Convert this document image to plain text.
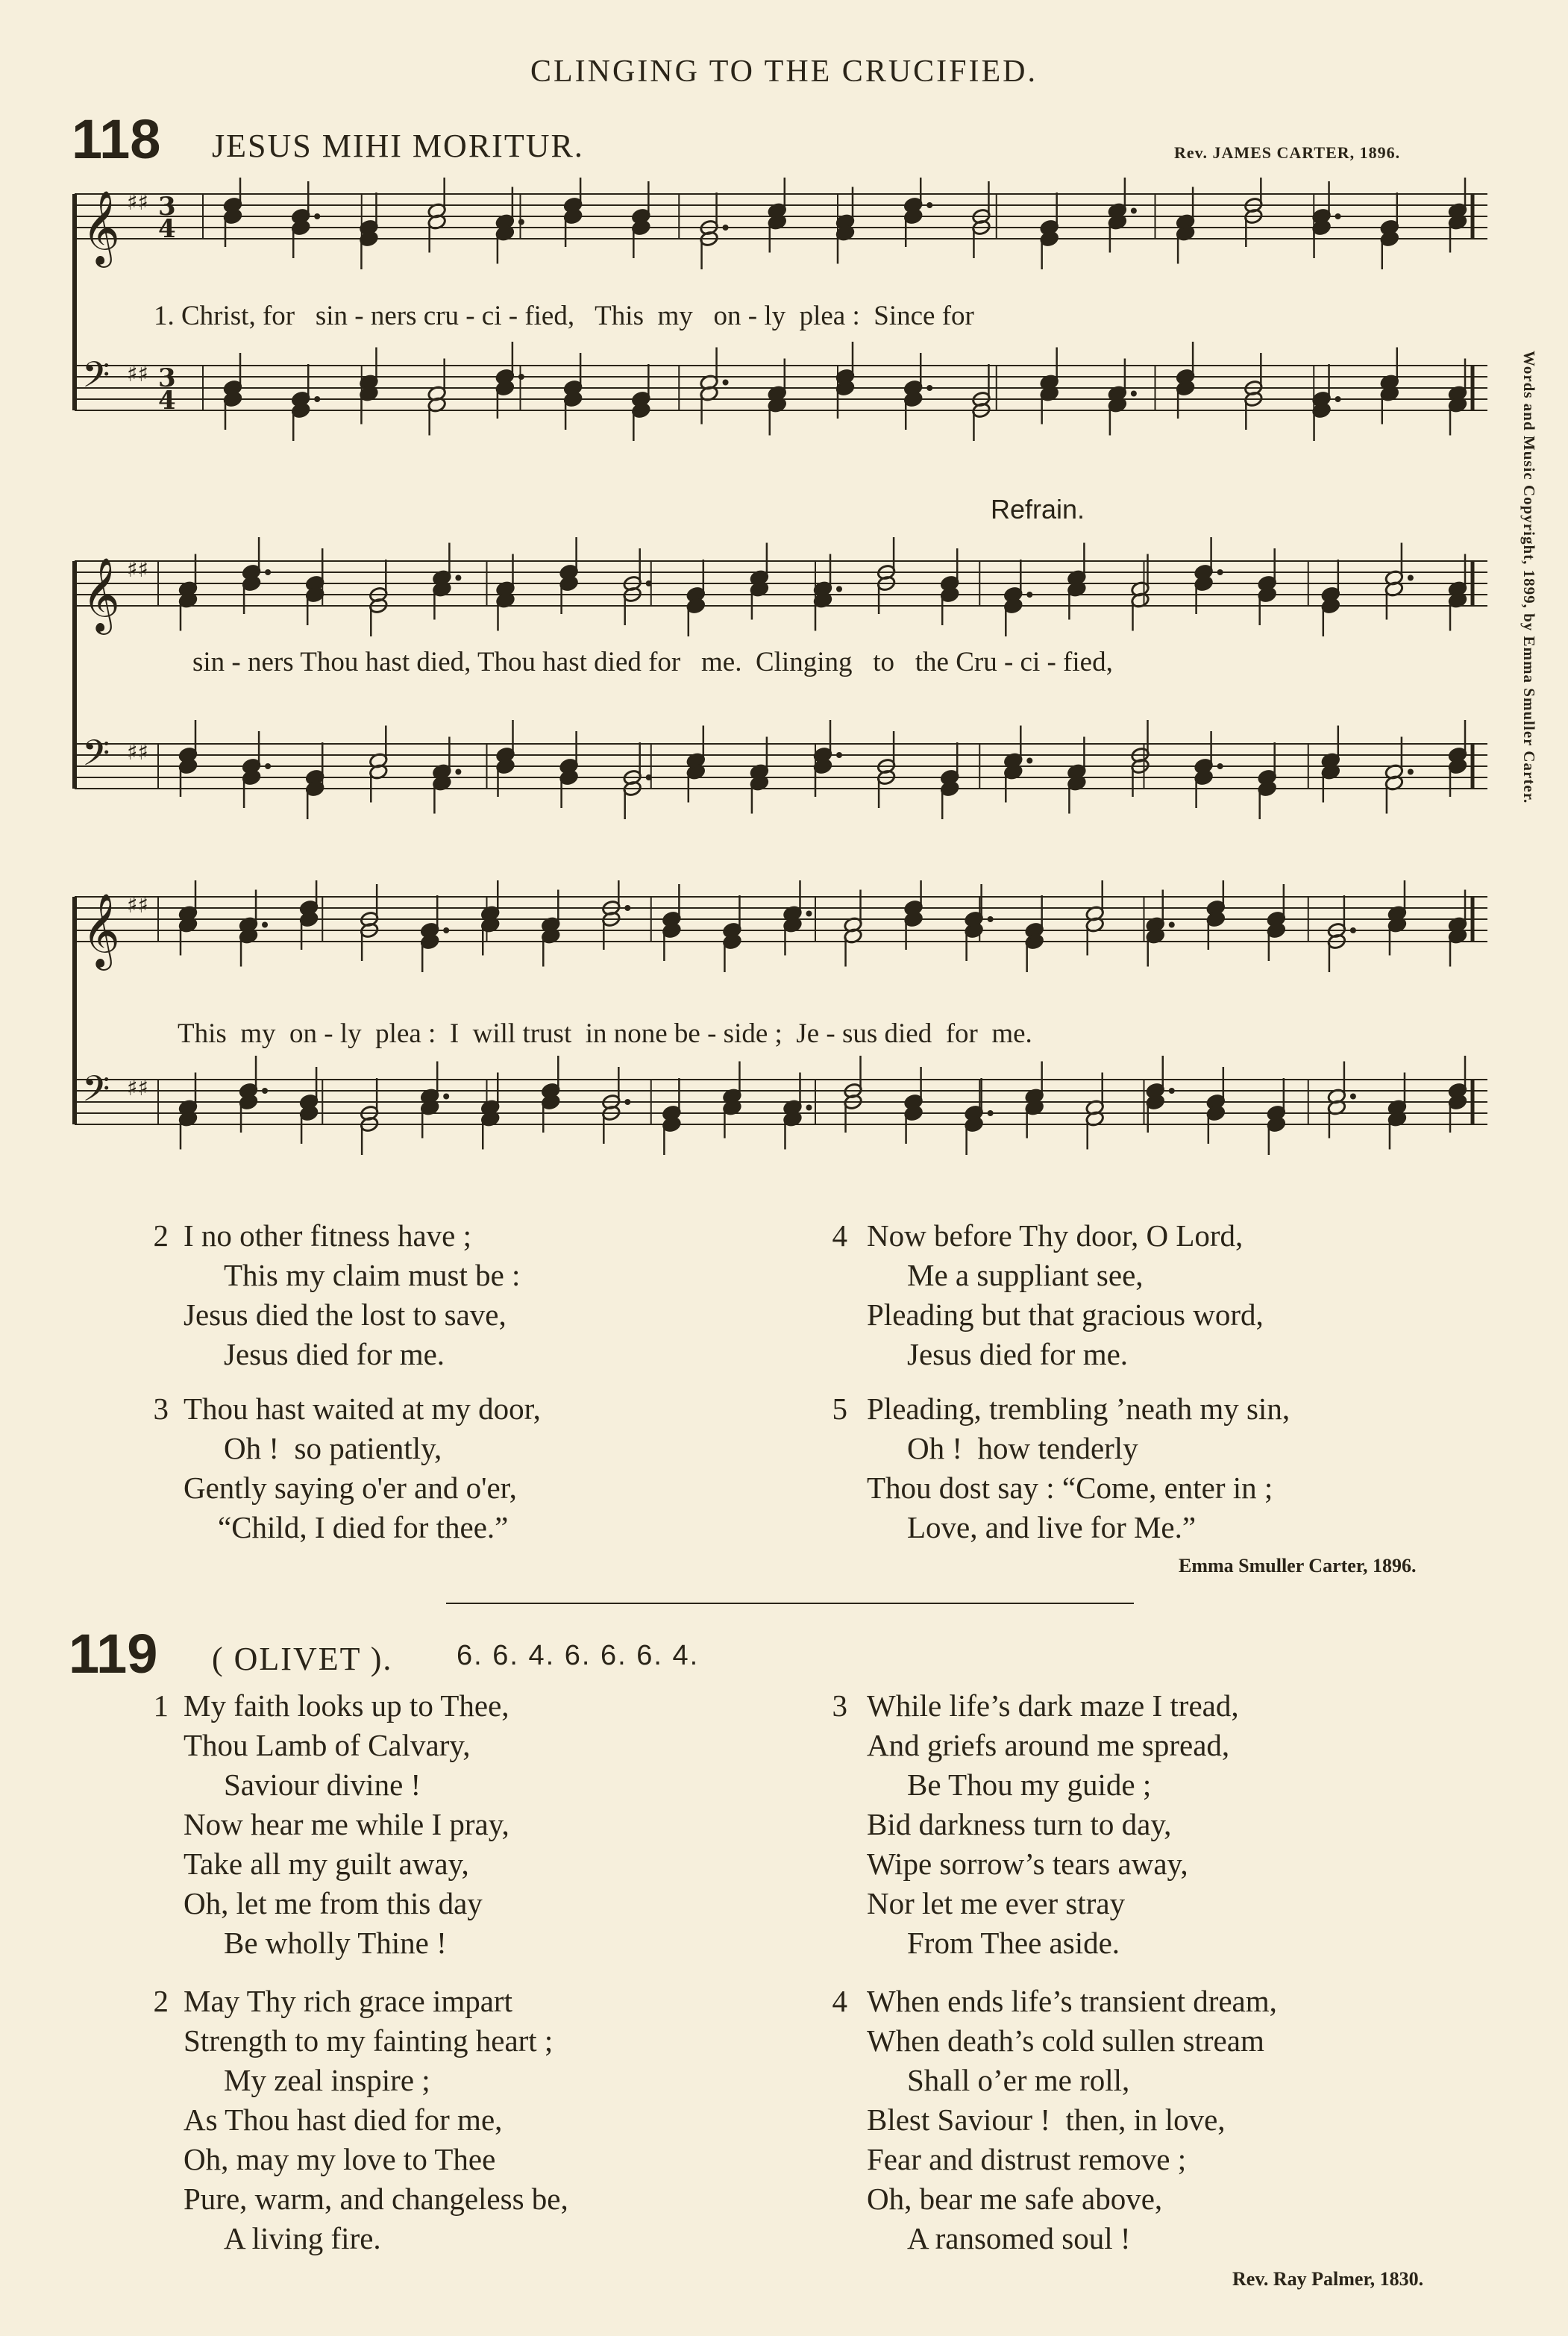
CLINGING TO THE CRUCIFIED.
118 JESUS MIHI MORITUR.	Rev. JAMES CARTER, 1896.
Words and Music Copyright, 1899, by Emma Smuller Carter.
𝄞 ♯♯ 3
4
𝄢 ♯♯ 3
4
1. Christ, for   sin - ners cru - ci - fied,   This  my   on - ly  plea :  Since for
𝄞 ♯♯
𝄢 ♯♯
Refrain.
sin - ners Thou hast died, Thou hast died for   me.  Clinging   to   the Cru - ci - fied,
𝄞 ♯♯
𝄢 ♯♯
This  my  on - ly  plea :  I  will trust  in none be - side ;  Je - sus died  for  me.
2 I no other fitness have ;
This my claim must be :
Jesus died the lost to save,
Jesus died for me.
3 Thou hast waited at my door,
Oh !  so patiently,
Gently saying o'er and o'er,
“Child, I died for thee.”
4 Now before Thy door, O Lord,
Me a suppliant see,
Pleading but that gracious word,
Jesus died for me.
5 Pleading, trembling ’neath my sin,
Oh !  how tenderly
Thou dost say : “Come, enter in ;
Love, and live for Me.”
Emma Smuller Carter, 1896.
119 ( OLIVET ). 6. 6. 4. 6. 6. 6. 4.
1 My faith looks up to Thee,
Thou Lamb of Calvary,
Saviour divine !
Now hear me while I pray,
Take all my guilt away,
Oh, let me from this day
Be wholly Thine !
2 May Thy rich grace impart
Strength to my fainting heart ;
My zeal inspire ;
As Thou hast died for me,
Oh, may my love to Thee
Pure, warm, and changeless be,
A living fire.
3 While life’s dark maze I tread,
And griefs around me spread,
Be Thou my guide ;
Bid darkness turn to day,
Wipe sorrow’s tears away,
Nor let me ever stray
From Thee aside.
4 When ends life’s transient dream,
When death’s cold sullen stream
Shall o’er me roll,
Blest Saviour !  then, in love,
Fear and distrust remove ;
Oh, bear me safe above,
A ransomed soul !
Rev. Ray Palmer, 1830.
